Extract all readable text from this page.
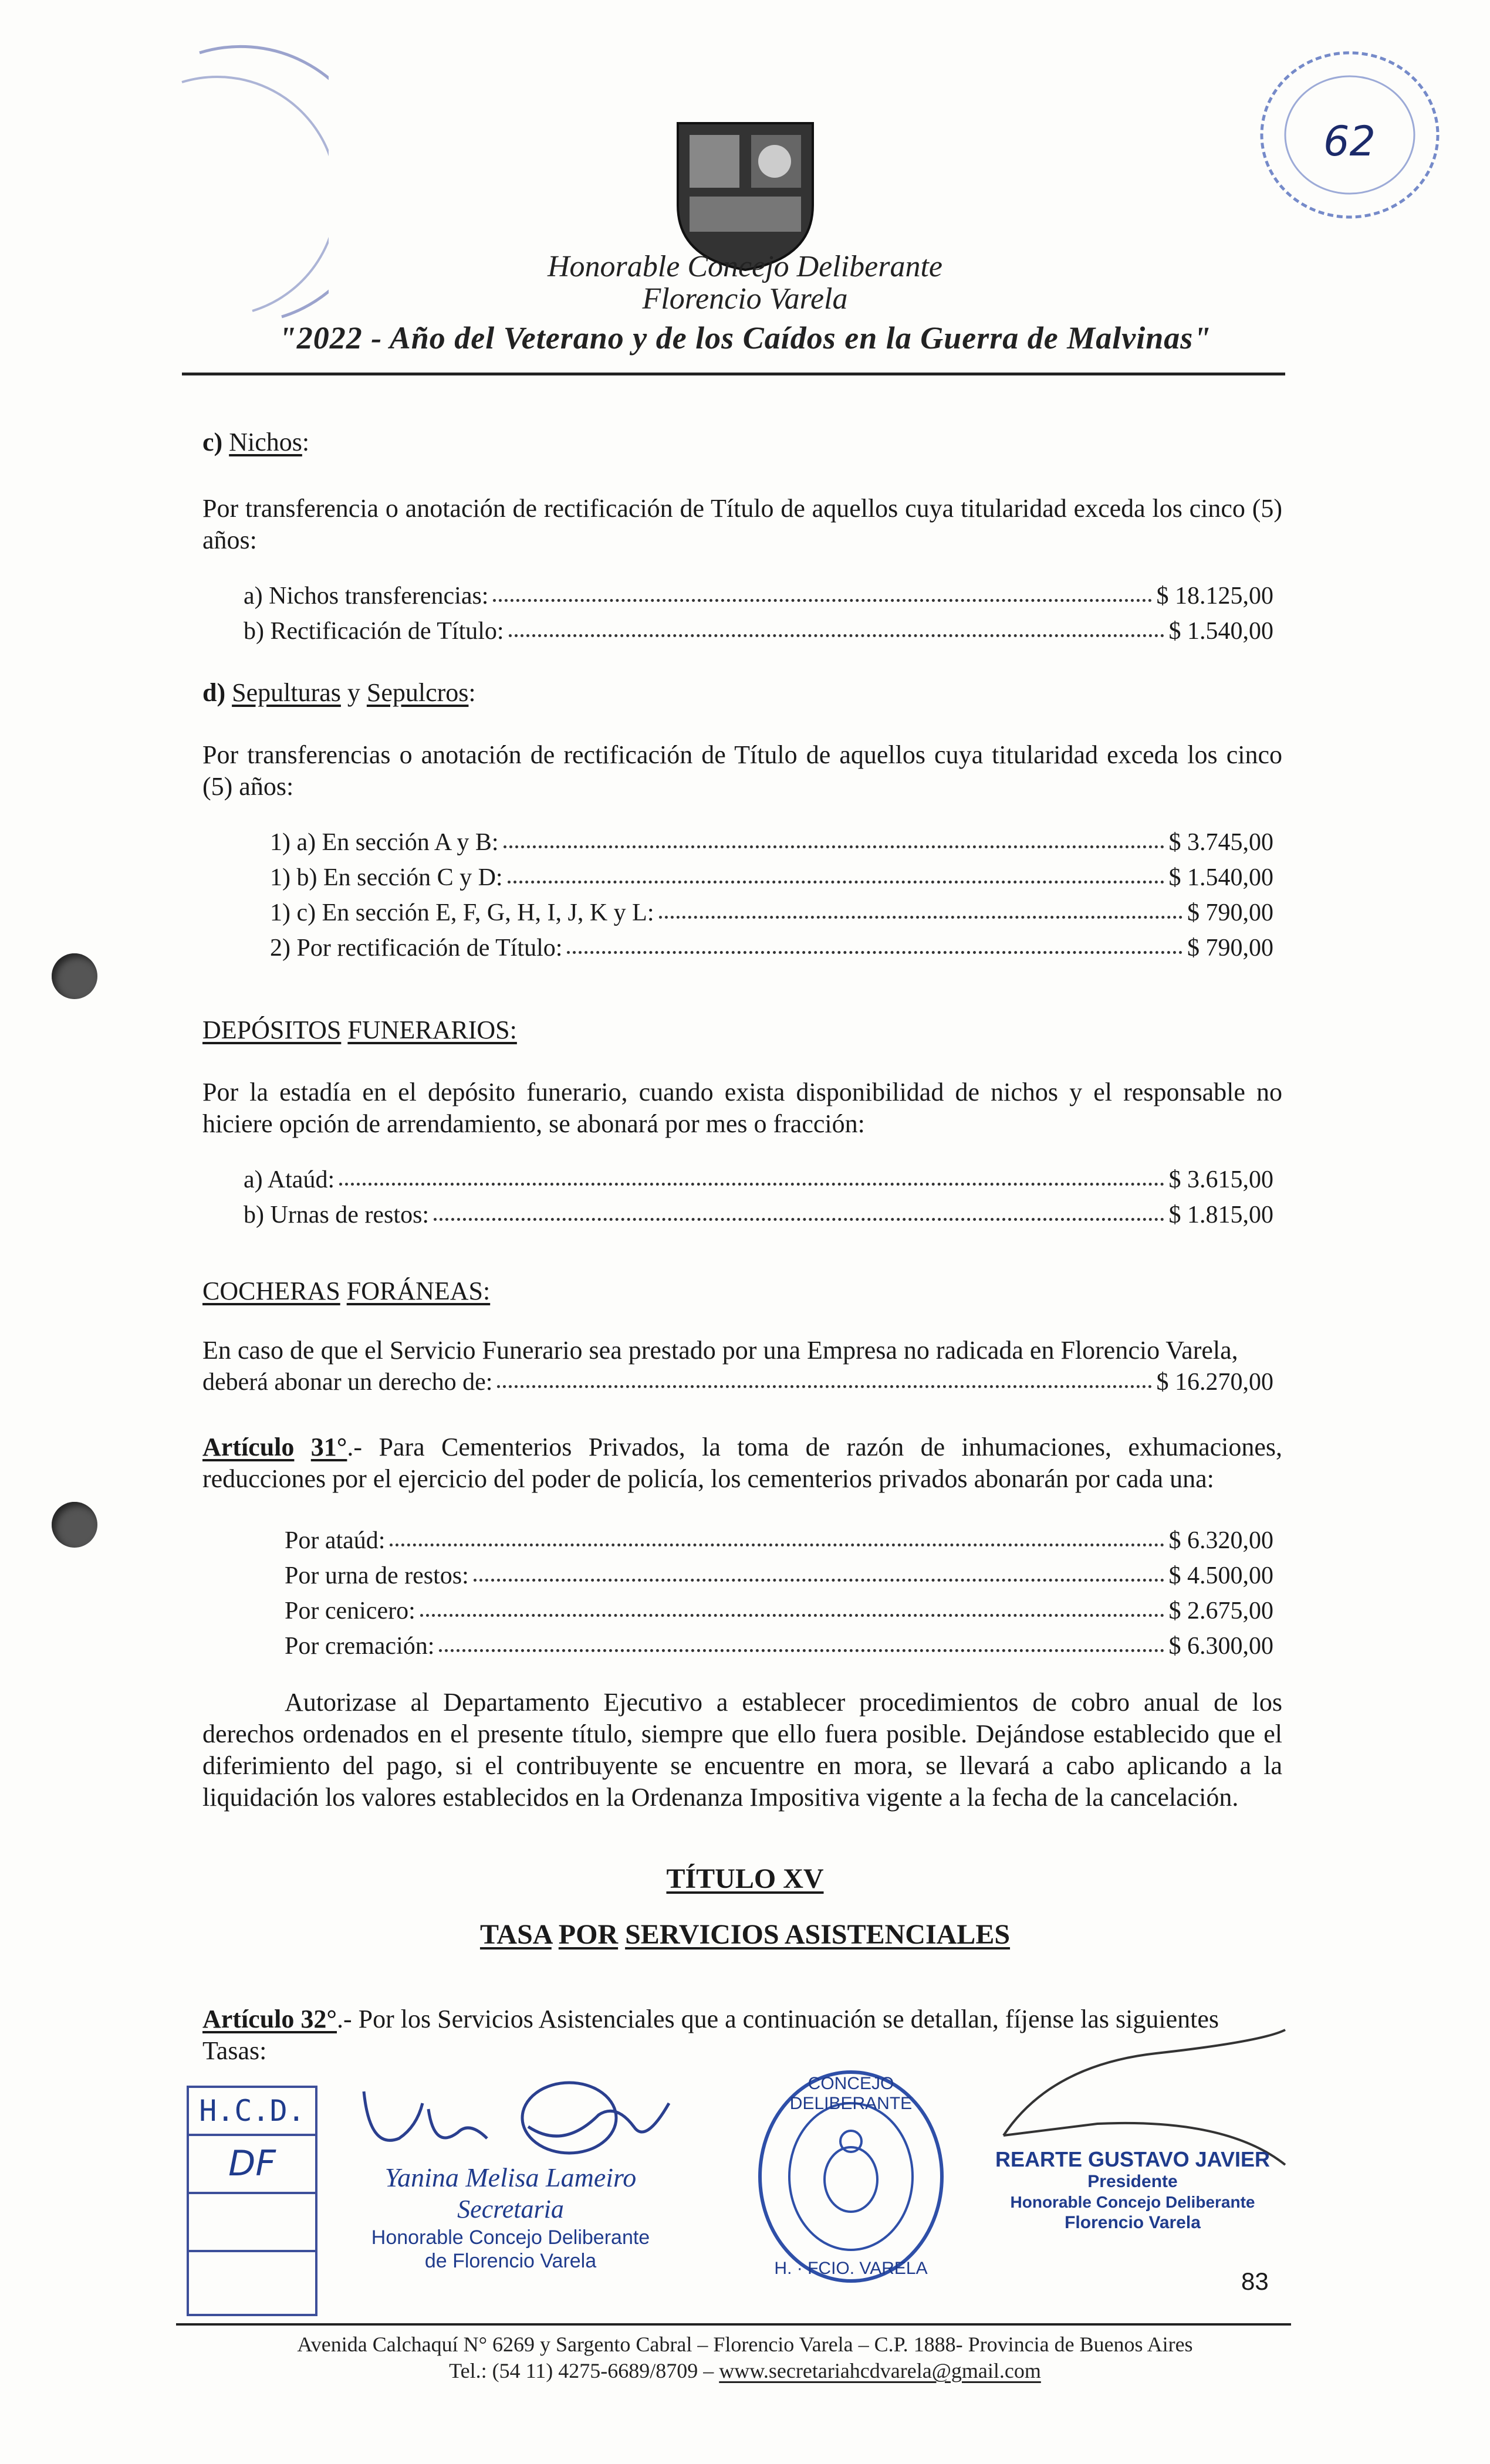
62
Honorable Concejo Deliberante
Florencio Varela
"2022 - Año del Veterano y de los Caídos en la Guerra de Malvinas"
c) Nichos:
Por transferencia o anotación de rectificación de Título de aquellos cuya titularidad exceda los cinco (5) años:
a) Nichos transferencias:	$ 18.125,00
b) Rectificación de Título:	$ 1.540,00
d) Sepulturas y Sepulcros:
Por transferencias o anotación de rectificación de Título de aquellos cuya titularidad exceda los cinco (5) años:
1) a) En sección A y B:	$ 3.745,00
1) b) En sección C y D:	$ 1.540,00
1) c) En sección E, F, G, H, I, J, K y L:	$ 790,00
2) Por rectificación de Título:	$ 790,00
DEPÓSITOS FUNERARIOS:
Por la estadía en el depósito funerario, cuando exista disponibilidad de nichos y el responsable no hiciere opción de arrendamiento, se abonará por mes o fracción:
a) Ataúd:	$ 3.615,00
b) Urnas de restos:	$ 1.815,00
COCHERAS FORÁNEAS:
En caso de que el Servicio Funerario sea prestado por una Empresa no radicada en Florencio Varela,
deberá abonar un derecho de:	$ 16.270,00
Artículo 31°.- Para Cementerios Privados, la toma de razón de inhumaciones, exhumaciones, reducciones por el ejercicio del poder de policía, los cementerios privados abonarán por cada una:
Por ataúd:	$ 6.320,00
Por urna de restos:	$ 4.500,00
Por cenicero:	$ 2.675,00
Por cremación:	$ 6.300,00
Autorizase al Departamento Ejecutivo a establecer procedimientos de cobro anual de los derechos ordenados en el presente título, siempre que ello fuera posible. Dejándose establecido que el diferimiento del pago, si el contribuyente se encuentre en mora, se llevará a cabo aplicando a la liquidación los valores establecidos en la Ordenanza Impositiva vigente a la fecha de la cancelación.
TÍTULO XV
TASA POR SERVICIOS ASISTENCIALES
Artículo 32°.- Por los Servicios Asistenciales que a continuación se detallan, fíjense las siguientes
Tasas:
H.C.D.
DF	Yanina Melisa Lameiro
Secretaria
Honorable Concejo Deliberante
de Florencio Varela
CONCEJO DELIBERANTE
H. · FCIO. VARELA
REARTE GUSTAVO JAVIER
Presidente
Honorable Concejo Deliberante
Florencio Varela
83
Avenida Calchaquí N° 6269 y Sargento Cabral – Florencio Varela – C.P. 1888- Provincia de Buenos Aires
Tel.: (54 11) 4275-6689/8709 – www.secretariahcdvarela@gmail.com
